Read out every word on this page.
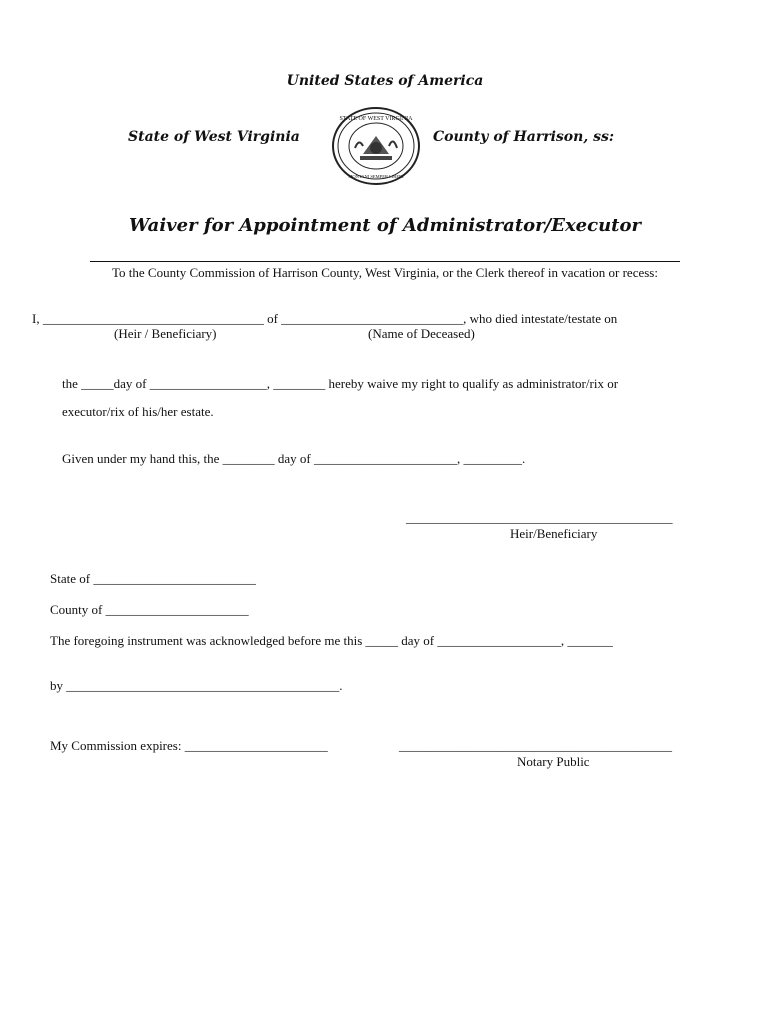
United States of America
State of West Virginia	County of Harrison, ss:
STATE OF WEST VIRGINIA
MONTANI SEMPER LIBERI
Waiver for Appointment of Administrator/Executor
To the County Commission of Harrison County, West Virginia, or the Clerk thereof in vacation or recess:
I, __________________________________ of ____________________________, who died intestate/testate on
(Heir / Beneficiary)	(Name of Deceased)
the _____day of __________________, ________ hereby waive my right to qualify as administrator/rix or
executor/rix of his/her estate.
Given under my hand this, the ________ day of ______________________, _________.
_________________________________________
Heir/Beneficiary
State of _________________________
County of ______________________
The foregoing instrument was acknowledged before me this _____ day of ___________________, _______
by __________________________________________.
My Commission expires: ______________________	__________________________________________
Notary Public
